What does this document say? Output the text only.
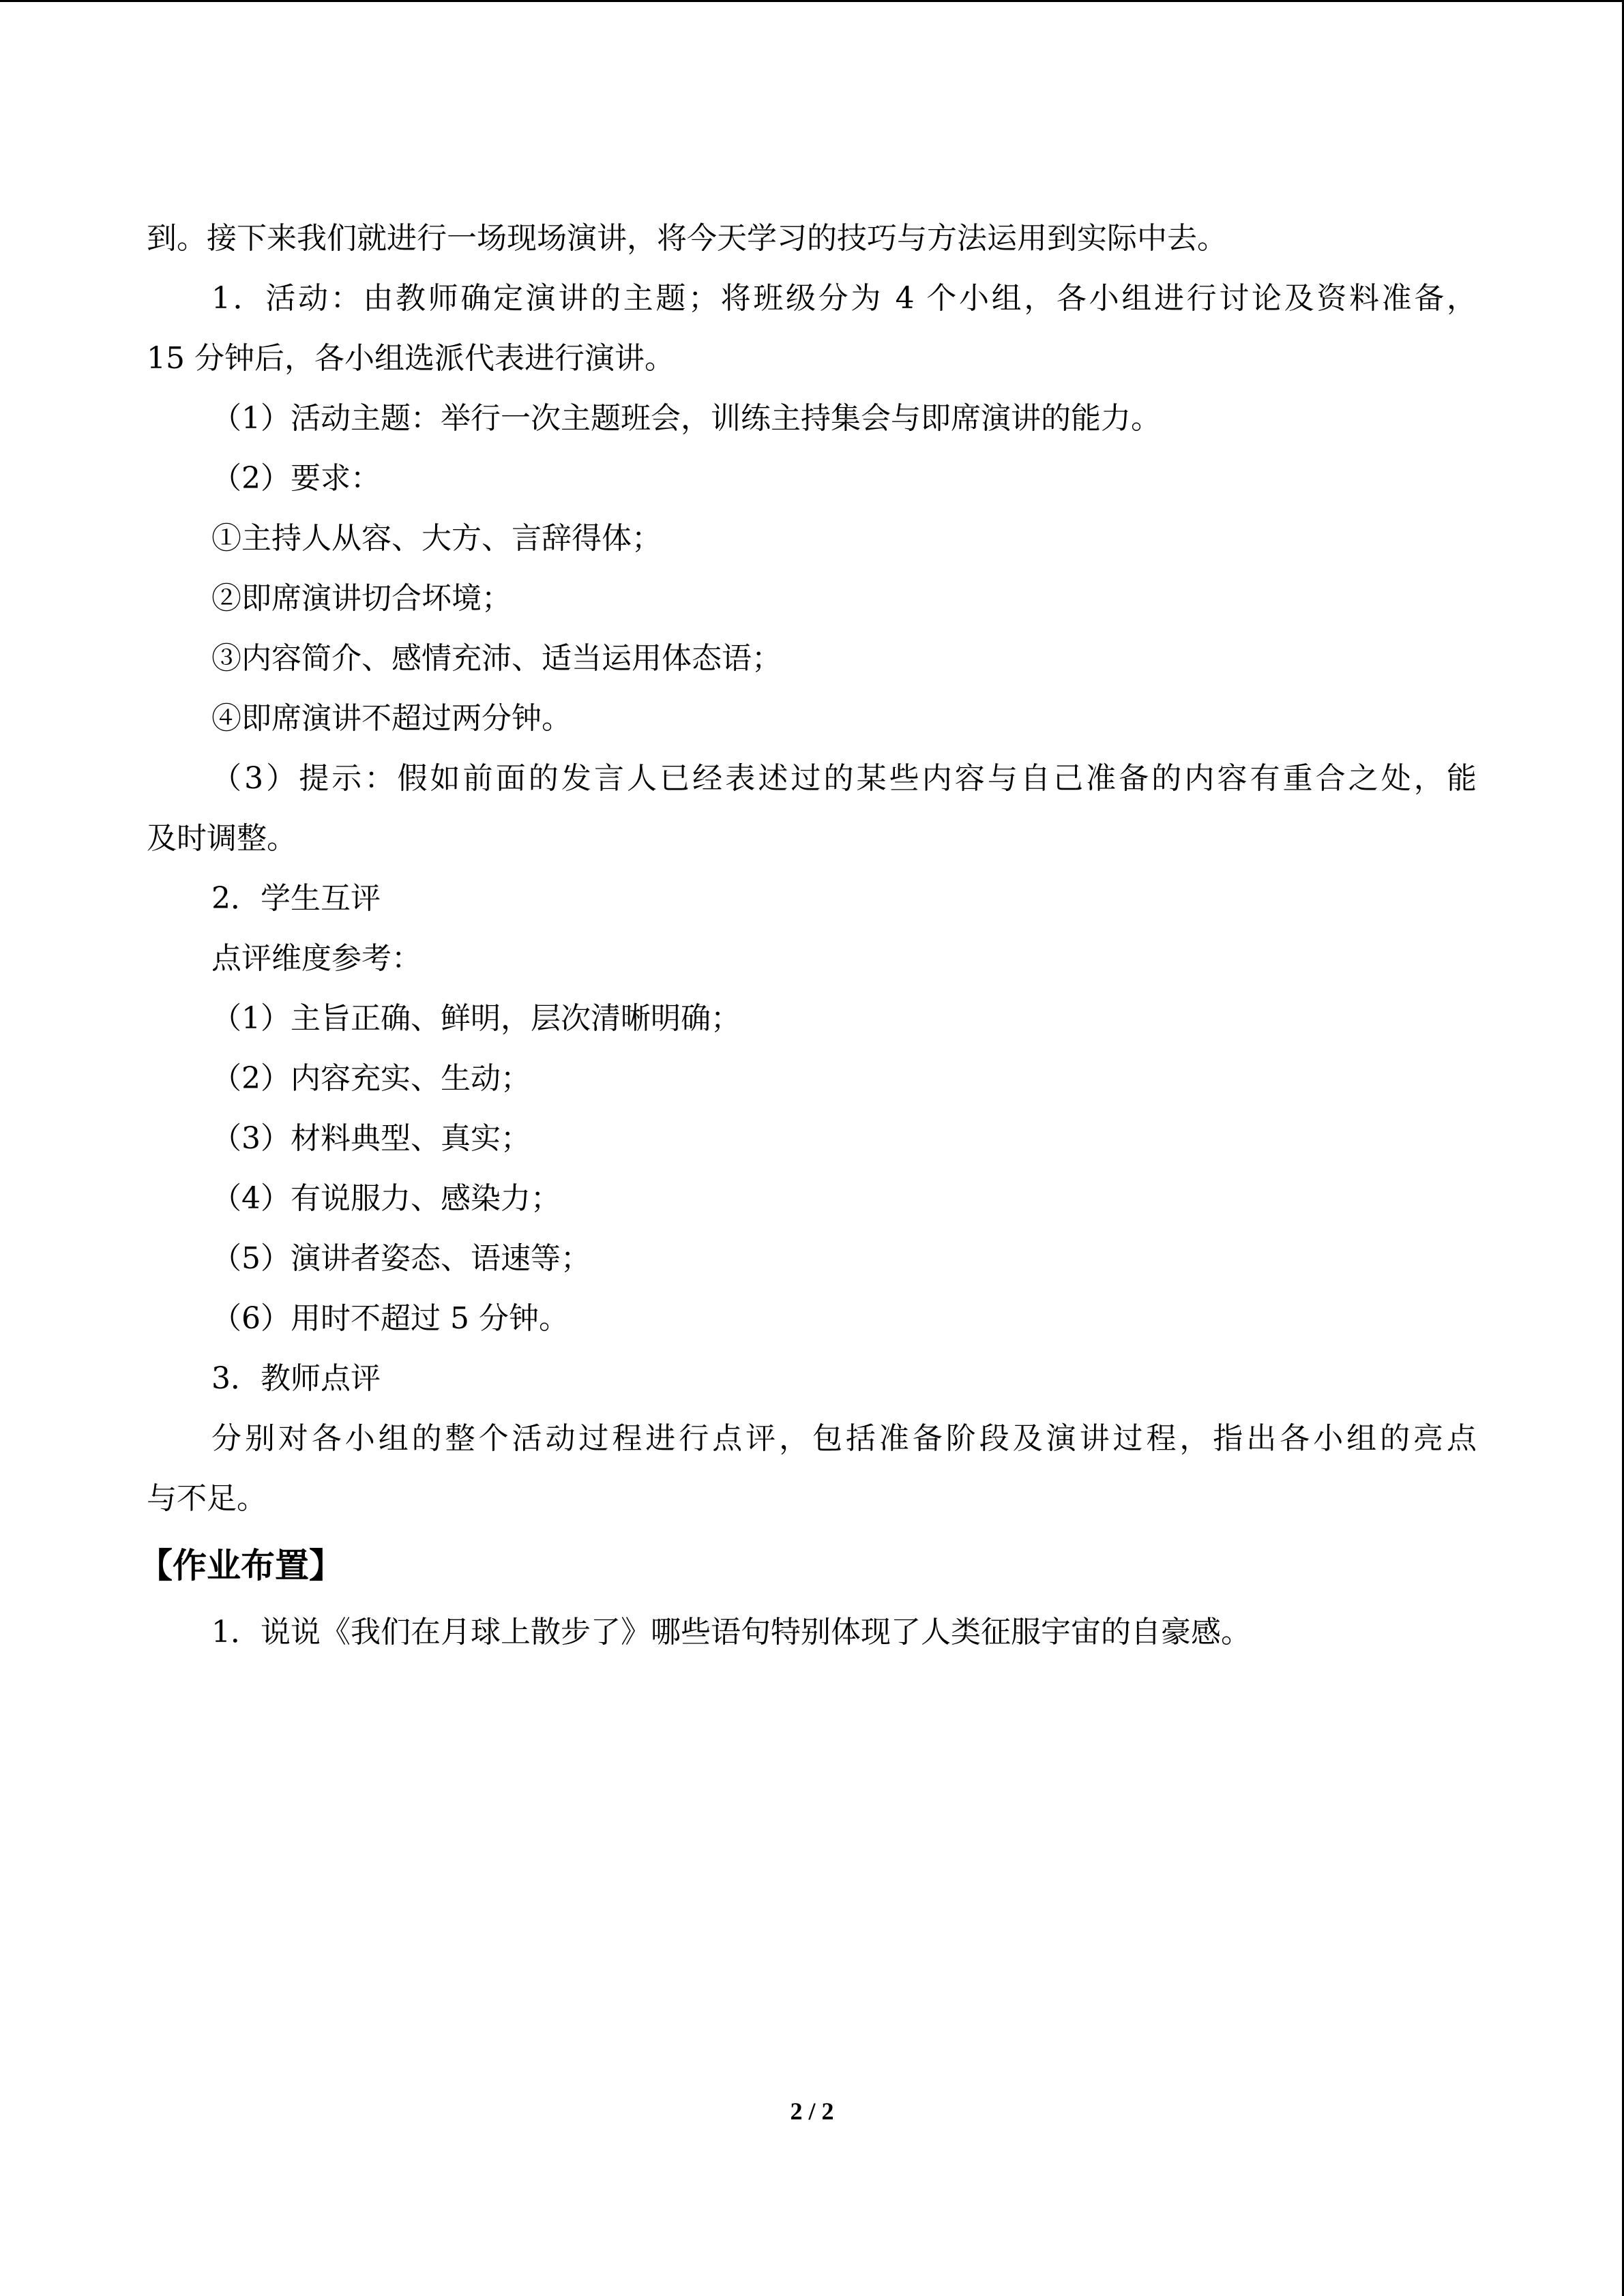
到。接下来我们就进行一场现场演讲，将今天学习的技巧与方法运用到实际中去。
1．活动：由教师确定演讲的主题；将班级分为 4 个小组，各小组进行讨论及资料准备，
15 分钟后，各小组选派代表进行演讲。
（1）活动主题：举行一次主题班会，训练主持集会与即席演讲的能力。
（2）要求：
①主持人从容、大方、言辞得体；
②即席演讲切合坏境；
③内容简介、感情充沛、适当运用体态语；
④即席演讲不超过两分钟。
（3）提示：假如前面的发言人已经表述过的某些内容与自己准备的内容有重合之处，能
及时调整。
2．学生互评
点评维度参考：
（1）主旨正确、鲜明，层次清晰明确；
（2）内容充实、生动；
（3）材料典型、真实；
（4）有说服力、感染力；
（5）演讲者姿态、语速等；
（6）用时不超过 5 分钟。
3．教师点评
分别对各小组的整个活动过程进行点评，包括准备阶段及演讲过程，指出各小组的亮点
与不足。
【作业布置】
1．说说《我们在月球上散步了》哪些语句特别体现了人类征服宇宙的自豪感。
2 / 2
